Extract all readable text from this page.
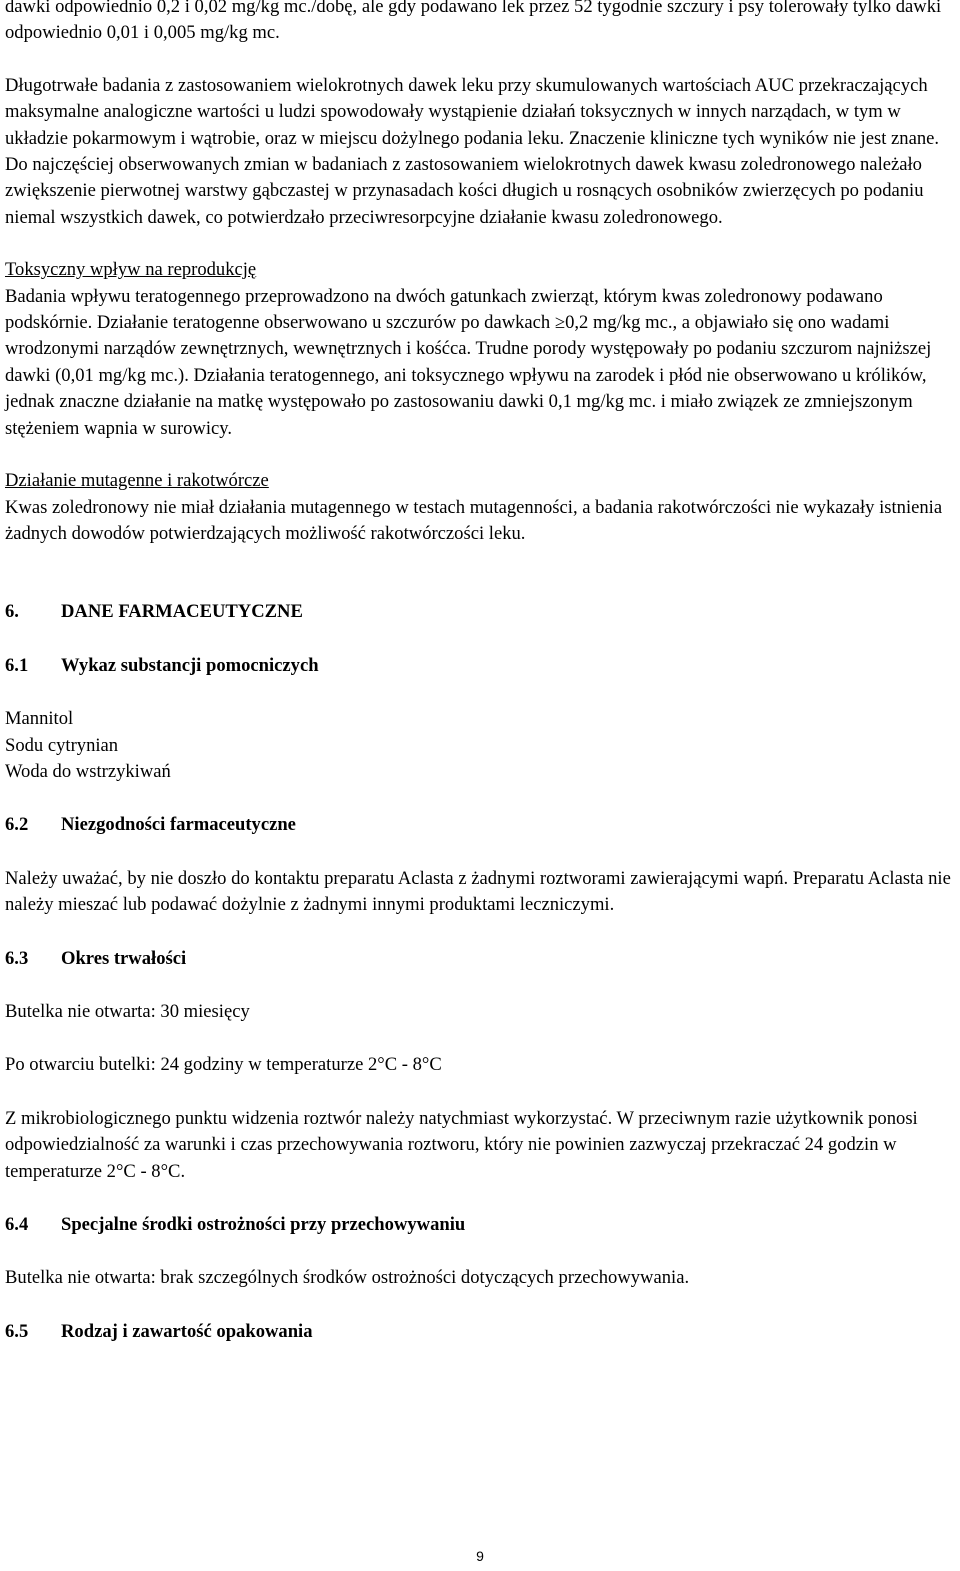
dawki odpowiednio 0,2 i 0,02 mg/kg mc./dobę, ale gdy podawano lek przez 52 tygodnie szczury i psy tolerowały tylko dawki odpowiednio 0,01 i 0,005 mg/kg mc.

Długotrwałe badania z zastosowaniem wielokrotnych dawek leku przy skumulowanych wartościach AUC przekraczających maksymalne analogiczne wartości u ludzi spowodowały wystąpienie działań toksycznych w innych narządach, w tym w układzie pokarmowym i wątrobie, oraz w miejscu dożylnego podania leku. Znaczenie kliniczne tych wyników nie jest znane. Do najczęściej obserwowanych zmian w badaniach z zastosowaniem wielokrotnych dawek kwasu zoledronowego należało zwiększenie pierwotnej warstwy gąbczastej w przynasadach kości długich u rosnących osobników zwierzęcych po podaniu niemal wszystkich dawek, co potwierdzało przeciwresorpcyjne działanie kwasu zoledronowego.

Toksyczny wpływ na reprodukcję

Badania wpływu teratogennego przeprowadzono na dwóch gatunkach zwierząt, którym kwas zoledronowy podawano podskórnie. Działanie teratogenne obserwowano u szczurów po dawkach ≥0,2 mg/kg mc., a objawiało się ono wadami wrodzonymi narządów zewnętrznych, wewnętrznych i kośćca. Trudne porody występowały po podaniu szczurom najniższej dawki (0,01 mg/kg mc.). Działania teratogennego, ani toksycznego wpływu na zarodek i płód nie obserwowano u królików, jednak znaczne działanie na matkę występowało po zastosowaniu dawki 0,1 mg/kg mc. i miało związek ze zmniejszonym stężeniem wapnia w surowicy.

Działanie mutagenne i rakotwórcze

Kwas zoledronowy nie miał działania mutagennego w testach mutagenności, a badania rakotwórczości nie wykazały istnienia żadnych dowodów potwierdzających możliwość rakotwórczości leku.

6.	DANE FARMACEUTYCZNE
6.1	Wykaz substancji pomocniczych
Mannitol
Sodu cytrynian
Woda do wstrzykiwań
6.2	Niezgodności farmaceutyczne

Należy uważać, by nie doszło do kontaktu preparatu Aclasta z żadnymi roztworami zawierającymi wapń. Preparatu Aclasta nie należy mieszać lub podawać dożylnie z żadnymi innymi produktami leczniczymi.

6.3	Okres trwałości

Butelka nie otwarta: 30 miesięcy

Po otwarciu butelki: 24 godziny w temperaturze 2°C - 8°C

Z mikrobiologicznego punktu widzenia roztwór należy natychmiast wykorzystać. W przeciwnym razie użytkownik ponosi odpowiedzialność za warunki i czas przechowywania roztworu, który nie powinien zazwyczaj przekraczać 24 godzin w temperaturze 2°C - 8°C.

6.4	Specjalne środki ostrożności przy przechowywaniu

Butelka nie otwarta: brak szczególnych środków ostrożności dotyczących przechowywania.

6.5	Rodzaj i zawartość opakowania
9
